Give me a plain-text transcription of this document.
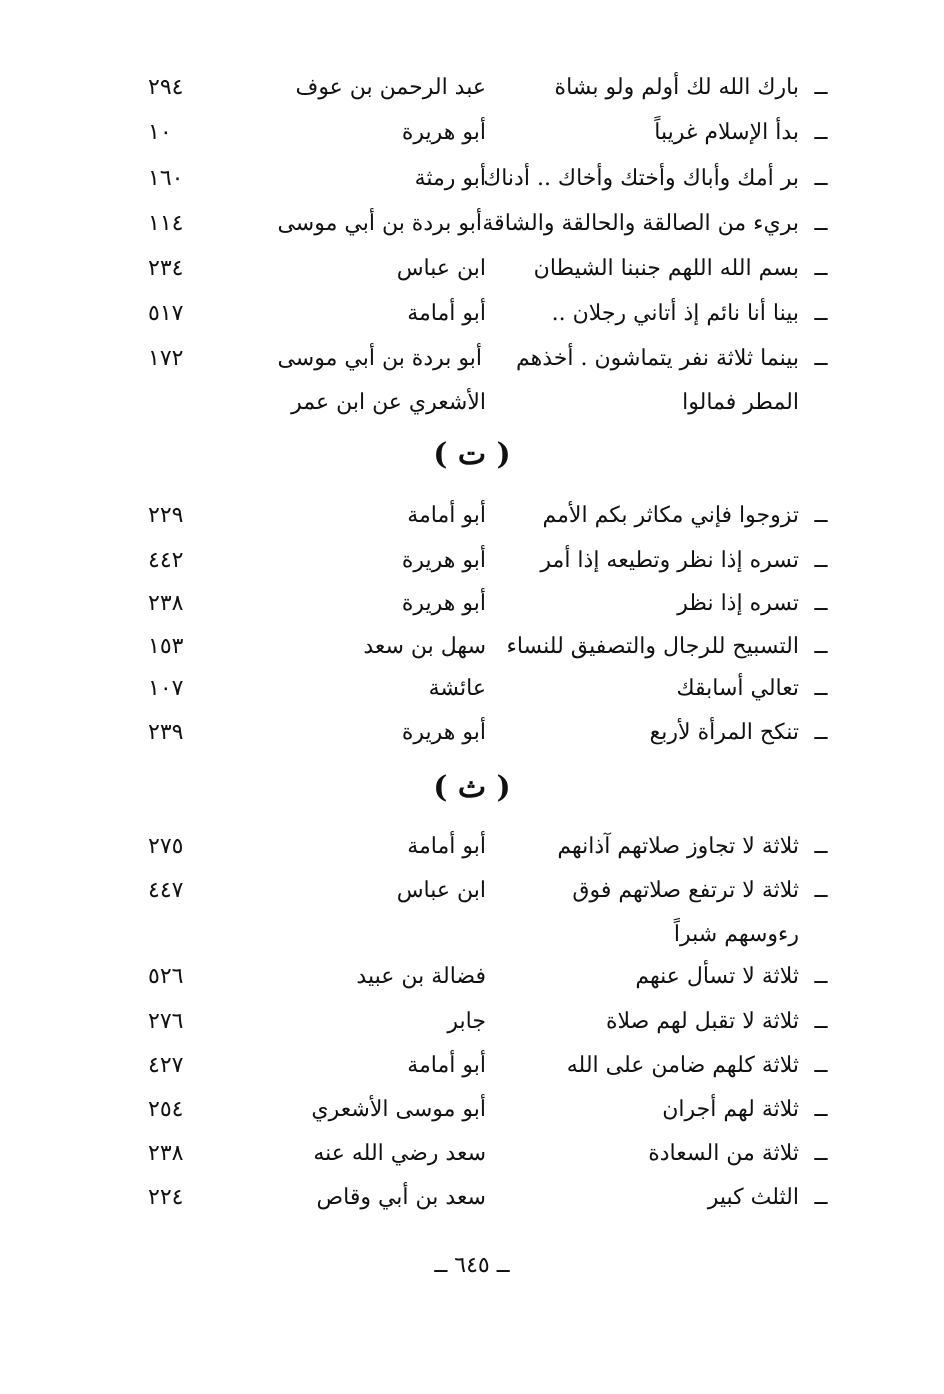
ــ
بارك الله لك أولم ولو بشاة
عبد الرحمن بن عوف
٢٩٤
ــ
بدأ الإسلام غريباً
أبو هريرة
١٠
ــ
بر أمك وأباك وأختك وأخاك .. أدناك
أبو رمثة
١٦٠
ــ
بريء من الصالقة والحالقة والشاقة
أبو بردة بن أبي موسى
١١٤
ــ
بسم الله اللهم جنبنا الشيطان
ابن عباس
٢٣٤
ــ
بينا أنا نائم إذ أتاني رجلان ..
أبو أمامة
٥١٧
ــ
بينما ثلاثة نفر يتماشون . أخذهم
أبو بردة بن أبي موسى
١٧٢
المطر فمالوا
الأشعري عن ابن عمر
( ت )
ــ
تزوجوا فإني مكاثر بكم الأمم
أبو أمامة
٢٢٩
ــ
تسره إذا نظر وتطيعه إذا أمر
أبو هريرة
٤٤٢
ــ
تسره إذا نظر
أبو هريرة
٢٣٨
ــ
التسبيح للرجال والتصفيق للنساء
سهل بن سعد
١٥٣
ــ
تعالي أسابقك
عائشة
١٠٧
ــ
تنكح المرأة لأربع
أبو هريرة
٢٣٩
( ث )
ــ
ثلاثة لا تجاوز صلاتهم آذانهم
أبو أمامة
٢٧٥
ــ
ثلاثة لا ترتفع صلاتهم فوق
ابن عباس
٤٤٧
رءوسهم شبراً
ــ
ثلاثة لا تسأل عنهم
فضالة بن عبيد
٥٢٦
ــ
ثلاثة لا تقبل لهم صلاة
جابر
٢٧٦
ــ
ثلاثة كلهم ضامن على الله
أبو أمامة
٤٢٧
ــ
ثلاثة لهم أجران
أبو موسى الأشعري
٢٥٤
ــ
ثلاثة من السعادة
سعد رضي الله عنه
٢٣٨
ــ
الثلث كبير
سعد بن أبي وقاص
٢٢٤
ــ ٦٤٥ ــ
